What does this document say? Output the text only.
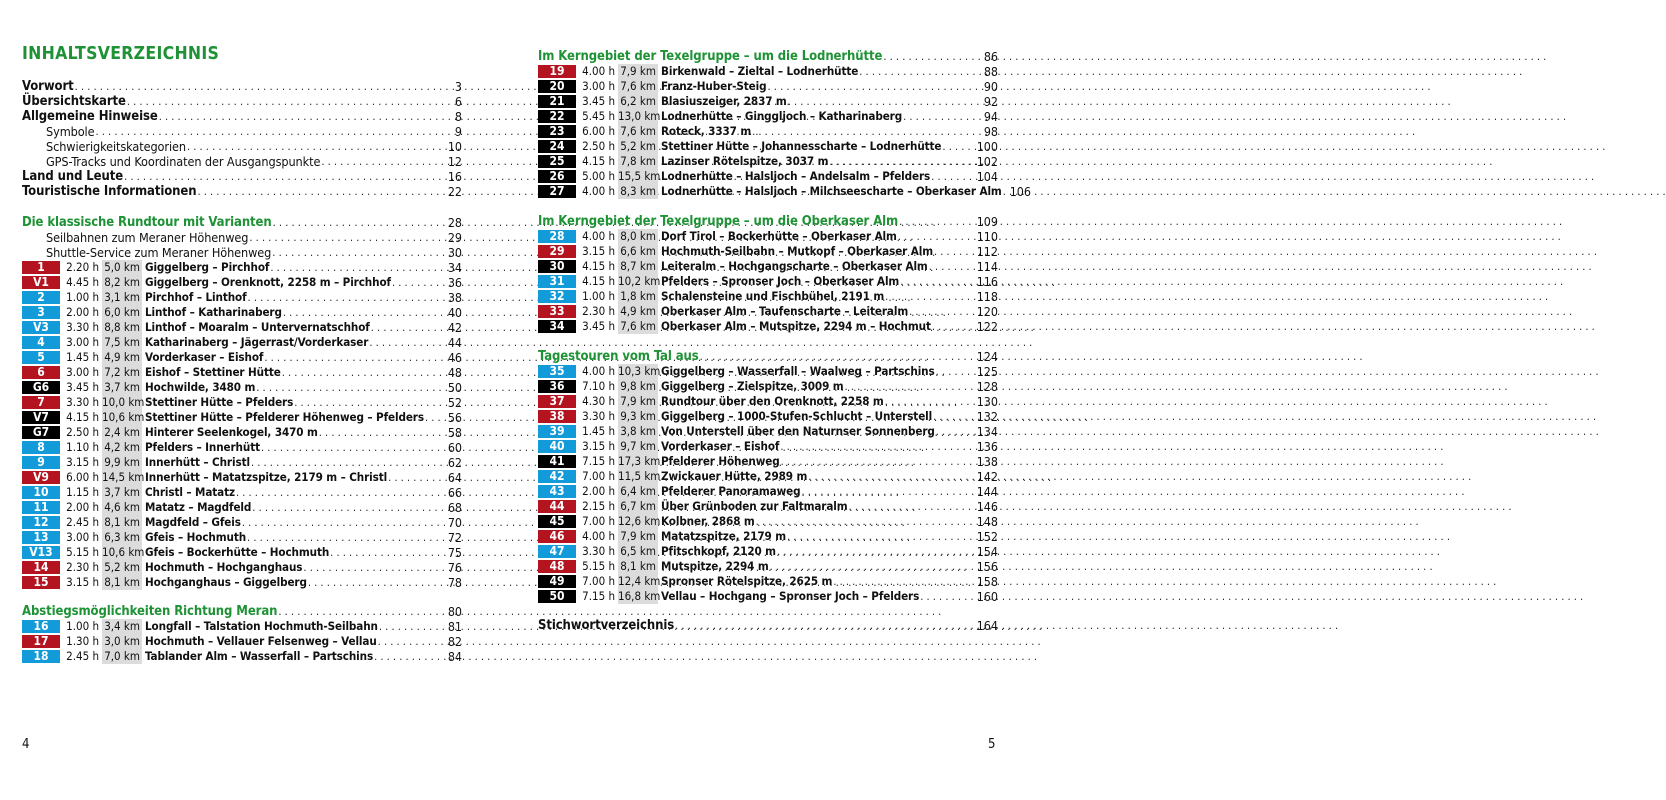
INHALTSVERZEICHNIS
Vorwort . . .	3
Übersichtskarte . . .	6
Allgemeine Hinweise . . .	8
Symbole . . .	9
Schwierigkeitskategorien . . .	10
GPS-Tracks und Koordinaten der Ausgangspunkte . . .	12
Land und Leute . . .	16
Touristische Informationen . . .	22
Die klassische Rundtour mit Varianten . . .	28
Seilbahnen zum Meraner Höhenweg . . .	29
Shuttle-Service zum Meraner Höhenweg . . .	30
1	2.20 h 5,0 km Giggelberg – Pirchhof . . .	34
V1	4.45 h 8,2 km Giggelberg – Orenknott, 2258 m – Pirchhof . . .	36
2	1.00 h 3,1 km Pirchhof – Linthof . . .	38
3	2.00 h 6,0 km Linthof – Katharinaberg . . .	40
V3	3.30 h 8,8 km Linthof – Moaralm – Untervernatschhof . . .	42
4	3.00 h 7,5 km Katharinaberg – Jägerrast/Vorderkaser . . .	44
5	1.45 h 4,9 km Vorderkaser – Eishof . . .	46
6	3.00 h 7,2 km Eishof – Stettiner Hütte . . .	48
G6	3.45 h 3,7 km Hochwilde, 3480 m . . .	50
7	3.30 h 10,0 km Stettiner Hütte – Pfelders . . .	52
V7	4.15 h 10,6 km Stettiner Hütte – Pfelderer Höhenweg – Pfelders . . . 56
G7	2.50 h 2,4 km Hinterer Seelenkogel, 3470 m . . .	58
8	1.10 h 4,2 km Pfelders – Innerhütt . . .	60
9	3.15 h 9,9 km Innerhütt – Christl . . .	62
V9	6.00 h 14,5 km Innerhütt – Matatzspitze, 2179 m – Christl . . .	64
10	1.15 h 3,7 km Christl – Matatz . . .	66
11	2.00 h 4,6 km Matatz – Magdfeld . . .	68
12	2.45 h 8,1 km Magdfeld – Gfeis . . .	70
13	3.00 h 6,3 km Gfeis – Hochmuth . . .	72
V13	5.15 h 10,6 km Gfeis – Bockerhütte – Hochmuth . . .	75
14	2.30 h 5,2 km Hochmuth – Hochganghaus . . .	76
15	3.15 h 8,1 km Hochganghaus – Giggelberg . . .	78
Abstiegsmöglichkeiten Richtung Meran . . .	80
16	1.00 h 3,4 km Longfall – Talstation Hochmuth-Seilbahn . . .	81
17	1.30 h 3,0 km Hochmuth – Vellauer Felsenweg – Vellau . . .	82
18	2.45 h 7,0 km Tablander Alm – Wasserfall – Partschins . . .	84
Im Kerngebiet der Texelgruppe – um die Lodnerhütte . . .	86
19	4.00 h 7,9 km Birkenwald – Zieltal – Lodnerhütte . . .	88
20	3.00 h 7,6 km Franz-Huber-Steig . . .	90
21	3.45 h 6,2 km Blasiuszeiger, 2837 m . . .	92
22	5.45 h 13,0 km Lodnerhütte – Gingglјoch – Katharinaberg . . .	94
23	6.00 h 7,6 km Roteck, 3337 m . . .	98
24	2.50 h 5,2 km Stettiner Hütte – Johannesscharte – Lodnerhütte . . .	100
25	4.15 h 7,8 km Lazinser Rötelspitze, 3037 m . . .	102
26	5.00 h 15,5 km Lodnerhütte – Halsljoch – Andelsalm – Pfelders . . .	104
27	4.00 h 8,3 km Lodnerhütte – Halsljoch – Milchseescharte – Oberkaser Alm . . . 106
Im Kerngebiet der Texelgruppe – um die Oberkaser Alm . . .	109
28	4.00 h 8,0 km Dorf Tirol – Bockerhütte – Oberkaser Alm . . .	110
29	3.15 h 6,6 km Hochmuth-Seilbahn – Mutkopf – Oberkaser Alm . . .	112
30	4.15 h 8,7 km Leiteralm – Hochgangscharte – Oberkaser Alm . . .	114
31	4.15 h 10,2 km Pfelders – Spronser Joch – Oberkaser Alm . . .	116
32	1.00 h 1,8 km Schalensteine und Fischbühel, 2191 m . . .	118
33	2.30 h 4,9 km Oberkaser Alm – Taufenscharte – Leiteralm . . .	120
34	3.45 h 7,6 km Oberkaser Alm – Mutspitze, 2294 m – Hochmut . . .	122
Tagestouren vom Tal aus . . .	124
35	4.00 h 10,3 km Giggelberg – Wasserfall – Waalweg – Partschins . . .	125
36	7.10 h 9,8 km Giggelberg – Zielspitze, 3009 m . . .	128
37	4.30 h 7,9 km Rundtour über den Orenknott, 2258 m . . .	130
38	3.30 h 9,3 km Giggelberg – 1000-Stufen-Schlucht – Unterstell . . .	132
39	1.45 h 3,8 km Von Unterstell über den Naturnser Sonnenberg . . .	134
40	3.15 h 9,7 km Vorderkaser – Eishof . . .	136
41	7.15 h 17,3 km Pfelderer Höhenweg . . .	138
42	7.00 h 11,5 km Zwickauer Hütte, 2989 m . . .	142
43	2.00 h 6,4 km Pfelderer Panoramaweg . . .	144
44	2.15 h 6,7 km Über Grünboden zur Faltmaralm . . .	146
45	7.00 h 12,6 km Kolbner, 2868 m . . .	148
46	4.00 h 7,9 km Matatzspitze, 2179 m . . .	152
47	3.30 h 6,5 km Pfitschkopf, 2120 m . . .	154
48	5.15 h 8,1 km Mutspitze, 2294 m . . .	156
49	7.00 h 12,4 km Spronser Rötelspitze, 2625 m . . .	158
50	7.15 h 16,8 km Vellau – Hochgang – Spronser Joch – Pfelders . . .	160
Stichwortverzeichnis . . .	164
4	5
